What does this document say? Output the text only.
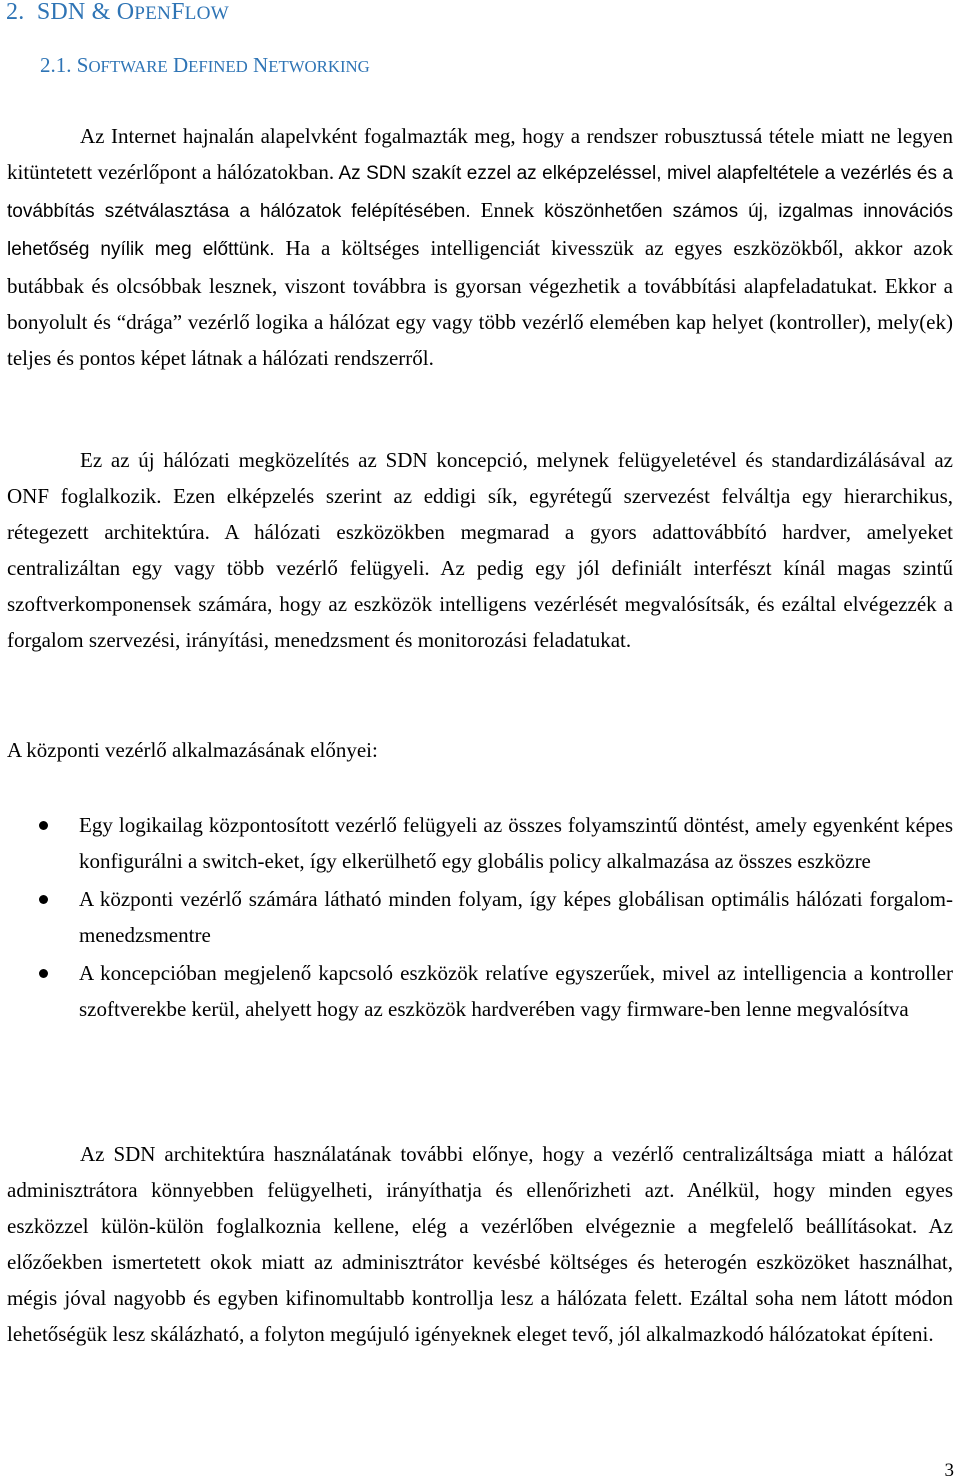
2. SDN & OPENFLOW
2.1. SOFTWARE DEFINED NETWORKING

Az Internet hajnalán alapelvként fogalmazták meg, hogy a rendszer robusztussá tétele miatt ne legyen kitüntetett vezérlőpont a hálózatokban. Az SDN szakít ezzel az elképzeléssel, mivel alapfeltétele a vezérlés és a továbbítás szétválasztása a hálózatok felépítésében. Ennek köszönhetően számos új, izgalmas innovációs lehetőség nyílik meg előttünk. Ha a költséges intelligenciát kivesszük az egyes eszközökből, akkor azok butábbak és olcsóbbak lesznek, viszont továbbra is gyorsan végezhetik a továbbítási alapfeladatukat. Ekkor a bonyolult és “drága” vezérlő logika a hálózat egy vagy több vezérlő elemében kap helyet (kontroller), mely(ek) teljes és pontos képet látnak a hálózati rendszerről.

Ez az új hálózati megközelítés az SDN koncepció, melynek felügyeletével és standardizálásával az ONF foglalkozik. Ezen elképzelés szerint az eddigi sík, egyrétegű szervezést felváltja egy hierarchikus, rétegezett architektúra. A hálózati eszközökben megmarad a gyors adattovábbító hardver, amelyeket centralizáltan egy vagy több vezérlő felügyeli. Az pedig egy jól definiált interfészt kínál magas szintű szoftverkomponensek számára, hogy az eszközök intelligens vezérlését megvalósítsák, és ezáltal elvégezzék a forgalom szervezési, irányítási, menedzsment és monitorozási feladatukat.

A központi vezérlő alkalmazásának előnyei:

Egy logikailag központosított vezérlő felügyeli az összes folyamszintű döntést, amely egyenként képes konfigurálni a switch-eket, így elkerülhető egy globális policy alkalmazása az összes eszközre
A központi vezérlő számára látható minden folyam, így képes globálisan optimális hálózati forgalom-menedzsmentre
A koncepcióban megjelenő kapcsoló eszközök relatíve egyszerűek, mivel az intelligencia a kontroller szoftverekbe kerül, ahelyett hogy az eszközök hardverében vagy firmware-ben lenne megvalósítva

Az SDN architektúra használatának további előnye, hogy a vezérlő centralizáltsága miatt a hálózat adminisztrátora könnyebben felügyelheti, irányíthatja és ellenőrizheti azt. Anélkül, hogy minden egyes eszközzel külön-külön foglalkoznia kellene, elég a vezérlőben elvégeznie a megfelelő beállításokat. Az előzőekben ismertetett okok miatt az adminisztrátor kevésbé költséges és heterogén eszközöket használhat, mégis jóval nagyobb és egyben kifinomultabb kontrollja lesz a hálózata felett. Ezáltal soha nem látott módon lehetőségük lesz skálázható, a folyton megújuló igényeknek eleget tevő, jól alkalmazkodó hálózatokat építeni.

3
